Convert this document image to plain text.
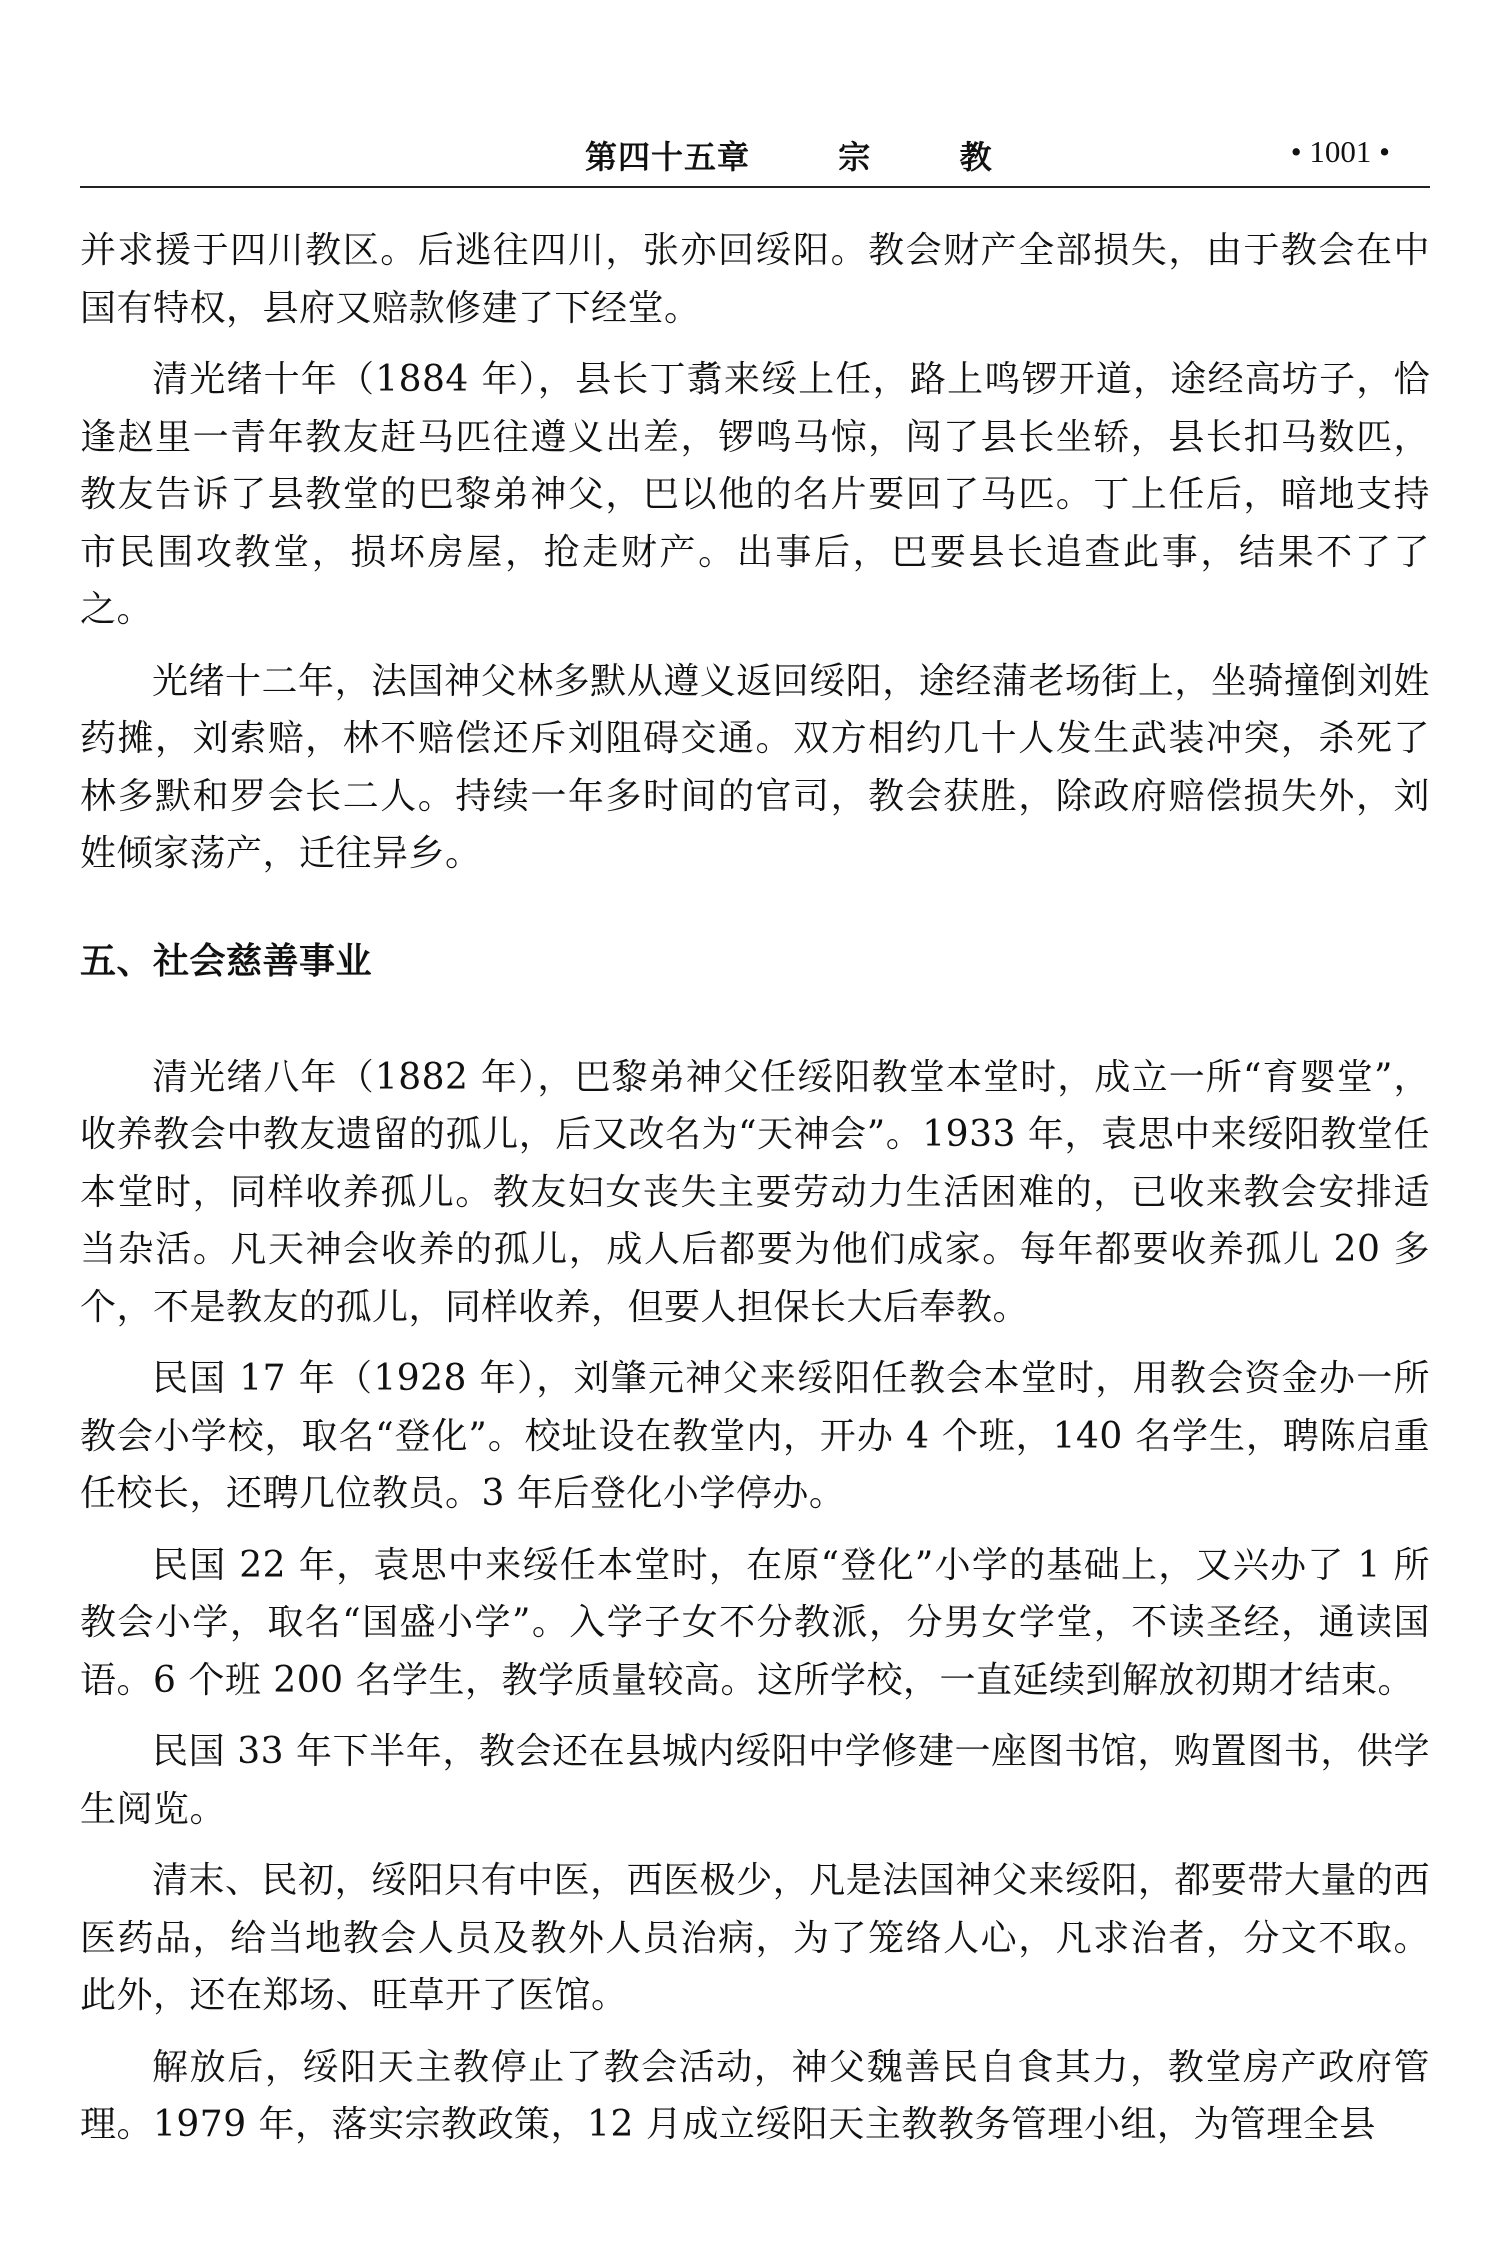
第四十五章	宗	教	• 1001 •

并求援于四川教区。后逃往四川，张亦回绥阳。教会财产全部损失，由于教会在中国有特权，县府又赔款修建了下经堂。

清光绪十年（1884 年），县长丁翥来绥上任，路上鸣锣开道，途经高坊子，恰逢赵里一青年教友赶马匹往遵义出差，锣鸣马惊，闯了县长坐轿，县长扣马数匹，教友告诉了县教堂的巴黎弟神父，巴以他的名片要回了马匹。丁上任后，暗地支持市民围攻教堂，损坏房屋，抢走财产。出事后，巴要县长追查此事，结果不了了之。

光绪十二年，法国神父林多默从遵义返回绥阳，途经蒲老场街上，坐骑撞倒刘姓药摊，刘索赔，林不赔偿还斥刘阻碍交通。双方相约几十人发生武装冲突，杀死了林多默和罗会长二人。持续一年多时间的官司，教会获胜，除政府赔偿损失外，刘姓倾家荡产，迁往异乡。

五、社会慈善事业

清光绪八年（1882 年），巴黎弟神父任绥阳教堂本堂时，成立一所“育婴堂”，收养教会中教友遗留的孤儿，后又改名为“天神会”。1933 年，袁思中来绥阳教堂任本堂时，同样收养孤儿。教友妇女丧失主要劳动力生活困难的，已收来教会安排适当杂活。凡天神会收养的孤儿，成人后都要为他们成家。每年都要收养孤儿 20 多个，不是教友的孤儿，同样收养，但要人担保长大后奉教。

民国 17 年（1928 年），刘肇元神父来绥阳任教会本堂时，用教会资金办一所教会小学校，取名“登化”。校址设在教堂内，开办 4 个班，140 名学生，聘陈启重任校长，还聘几位教员。3 年后登化小学停办。

民国 22 年，袁思中来绥任本堂时，在原“登化”小学的基础上，又兴办了 1 所教会小学，取名“国盛小学”。入学子女不分教派，分男女学堂，不读圣经，通读国语。6 个班 200 名学生，教学质量较高。这所学校，一直延续到解放初期才结束。

民国 33 年下半年，教会还在县城内绥阳中学修建一座图书馆，购置图书，供学生阅览。

清末、民初，绥阳只有中医，西医极少，凡是法国神父来绥阳，都要带大量的西医药品，给当地教会人员及教外人员治病，为了笼络人心，凡求治者，分文不取。此外，还在郑场、旺草开了医馆。

解放后，绥阳天主教停止了教会活动，神父魏善民自食其力，教堂房产政府管理。1979 年，落实宗教政策，12 月成立绥阳天主教教务管理小组，为管理全县
